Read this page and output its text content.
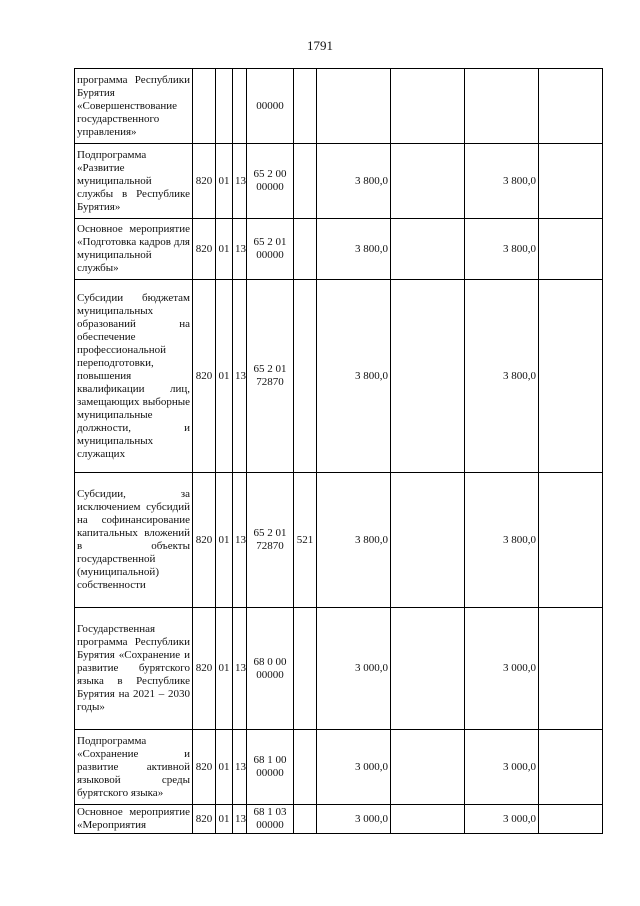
1791
программа Республики Бурятия «Совершенствование государственного управления»				00000					
Подпрограмма «Развитие муниципальной службы в Республике Бурятия»	820	01	13	65 2 00 00000		3 800,0		3 800,0	
Основное мероприятие «Подготовка кадров для муниципальной службы»	820	01	13	65 2 01 00000		3 800,0		3 800,0	
Субсидии бюджетам муниципальных образований на обеспечение профессиональной переподготовки, повышения квалификации лиц, замещающих выборные муниципальные должности, и муниципальных служащих	820	01	13	65 2 01 72870		3 800,0		3 800,0	
Субсидии, за исключением субсидий на софинансирование капитальных вложений в объекты государственной (муниципальной) собственности	820	01	13	65 2 01 72870	521	3 800,0		3 800,0	
Государственная программа Республики Бурятия «Сохранение и развитие бурятского языка в Республике Бурятия на 2021 – 2030 годы»	820	01	13	68 0 00 00000		3 000,0		3 000,0	
Подпрограмма «Сохранение и развитие активной языковой среды бурятского языка»	820	01	13	68 1 00 00000		3 000,0		3 000,0	
Основное мероприятие «Мероприятия	820	01	13	68 1 03 00000		3 000,0		3 000,0	
